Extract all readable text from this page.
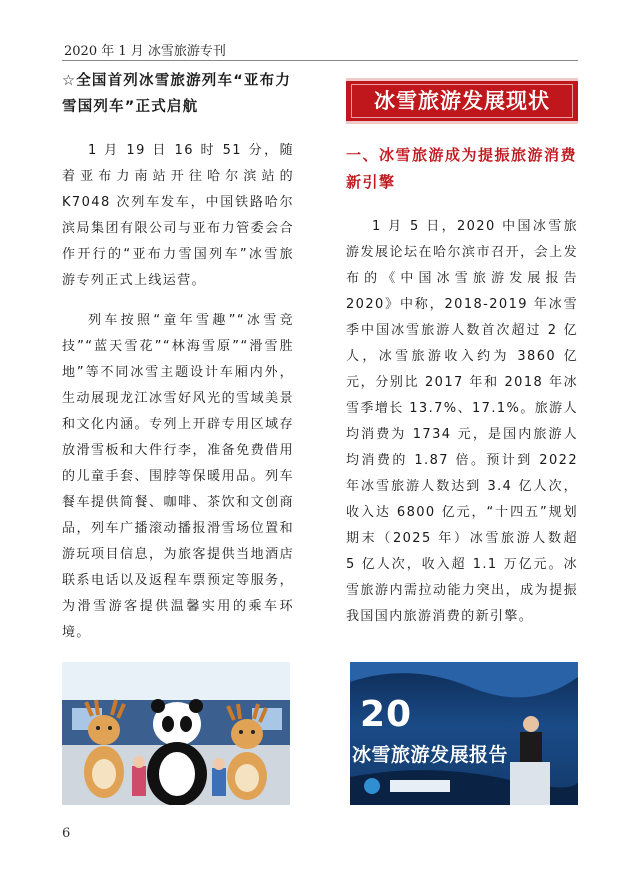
2020 年 1 月 冰雪旅游专刊
☆全国首列冰雪旅游列车“亚布力雪国列车”正式启航

1 月 19 日 16 时 51 分，随着亚布力南站开往哈尔滨站的 K7048 次列车发车，中国铁路哈尔滨局集团有限公司与亚布力管委会合作开行的“亚布力雪国列车”冰雪旅游专列正式上线运营。

列车按照“童年雪趣”“冰雪竞技”“蓝天雪花”“林海雪原”“滑雪胜地”等不同冰雪主题设计车厢内外，生动展现龙江冰雪好风光的雪域美景和文化内涵。专列上开辟专用区域存放滑雪板和大件行李，准备免费借用的儿童手套、围脖等保暖用品。列车餐车提供简餐、咖啡、茶饮和文创商品，列车广播滚动播报滑雪场位置和游玩项目信息，为旅客提供当地酒店联系电话以及返程车票预定等服务，为滑雪游客提供温馨实用的乘车环境。

冰雪旅游发展现状
一、冰雪旅游成为提振旅游消费新引擎

1 月 5 日，2020 中国冰雪旅游发展论坛在哈尔滨市召开，会上发布的《中国冰雪旅游发展报告 2020》中称，2018-2019 年冰雪季中国冰雪旅游人数首次超过 2 亿人，冰雪旅游收入约为 3860 亿元，分别比 2017 年和 2018 年冰雪季增长 13.7%、17.1%。旅游人均消费为 1734 元，是国内旅游人均消费的 1.87 倍。预计到 2022 年冰雪旅游人数达到 3.4 亿人次，收入达 6800 亿元，“十四五”规划期末（2025 年）冰雪旅游人数超 5 亿人次，收入超 1.1 万亿元。冰雪旅游内需拉动能力突出，成为提振我国国内旅游消费的新引擎。

20
冰雪旅游发展报告
6
